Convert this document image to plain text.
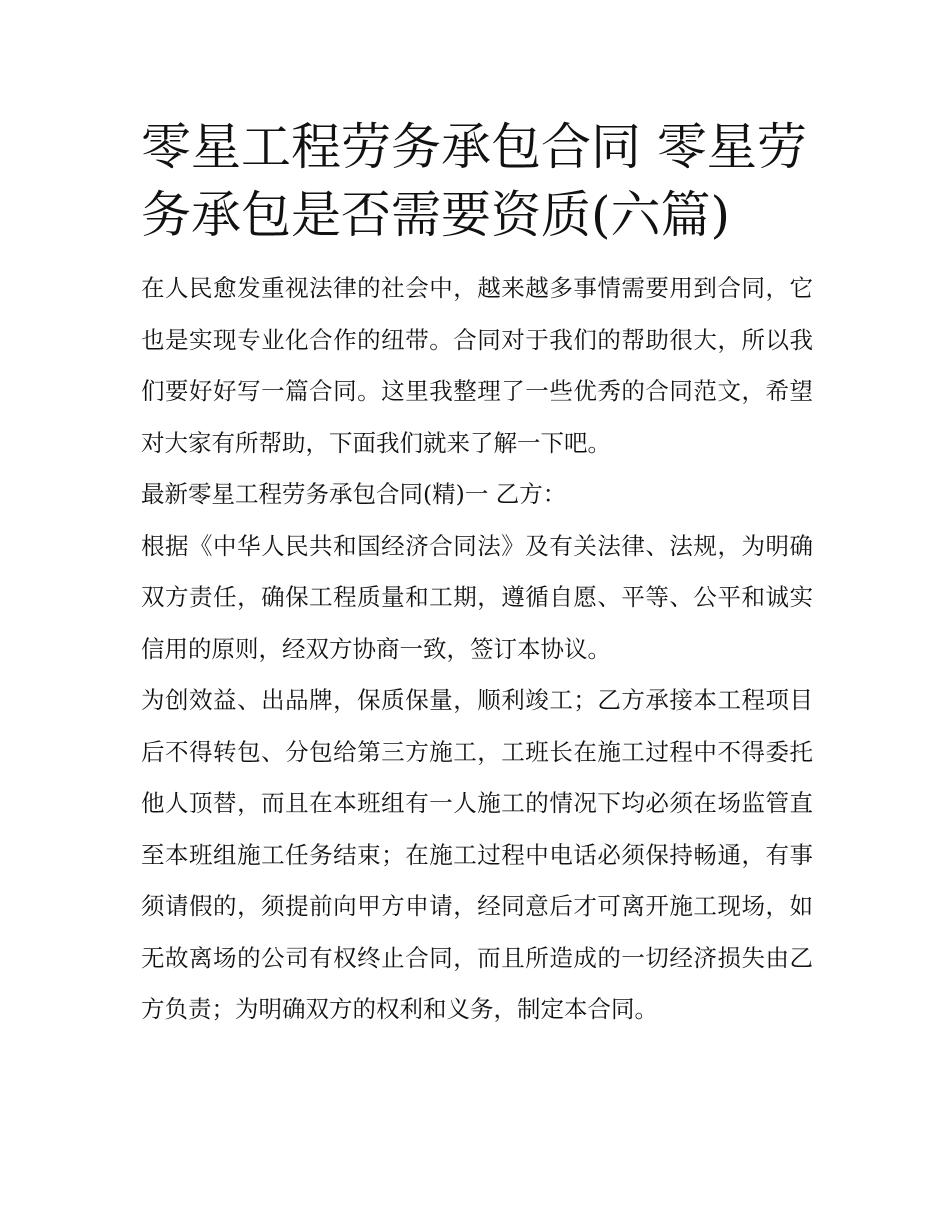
零星工程劳务承包合同 零星劳务承包是否需要资质(六篇)

在人民愈发重视法律的社会中，越来越多事情需要用到合同，它也是实现专业化合作的纽带。合同对于我们的帮助很大，所以我们要好好写一篇合同。这里我整理了一些优秀的合同范文，希望对大家有所帮助，下面我们就来了解一下吧。

最新零星工程劳务承包合同(精)一 乙方：

根据《中华人民共和国经济合同法》及有关法律、法规，为明确双方责任，确保工程质量和工期，遵循自愿、平等、公平和诚实信用的原则，经双方协商一致，签订本协议。

为创效益、出品牌，保质保量，顺利竣工；乙方承接本工程项目后不得转包、分包给第三方施工，工班长在施工过程中不得委托他人顶替，而且在本班组有一人施工的情况下均必须在场监管直至本班组施工任务结束；在施工过程中电话必须保持畅通，有事须请假的，须提前向甲方申请，经同意后才可离开施工现场，如无故离场的公司有权终止合同，而且所造成的一切经济损失由乙方负责；为明确双方的权利和义务，制定本合同。
